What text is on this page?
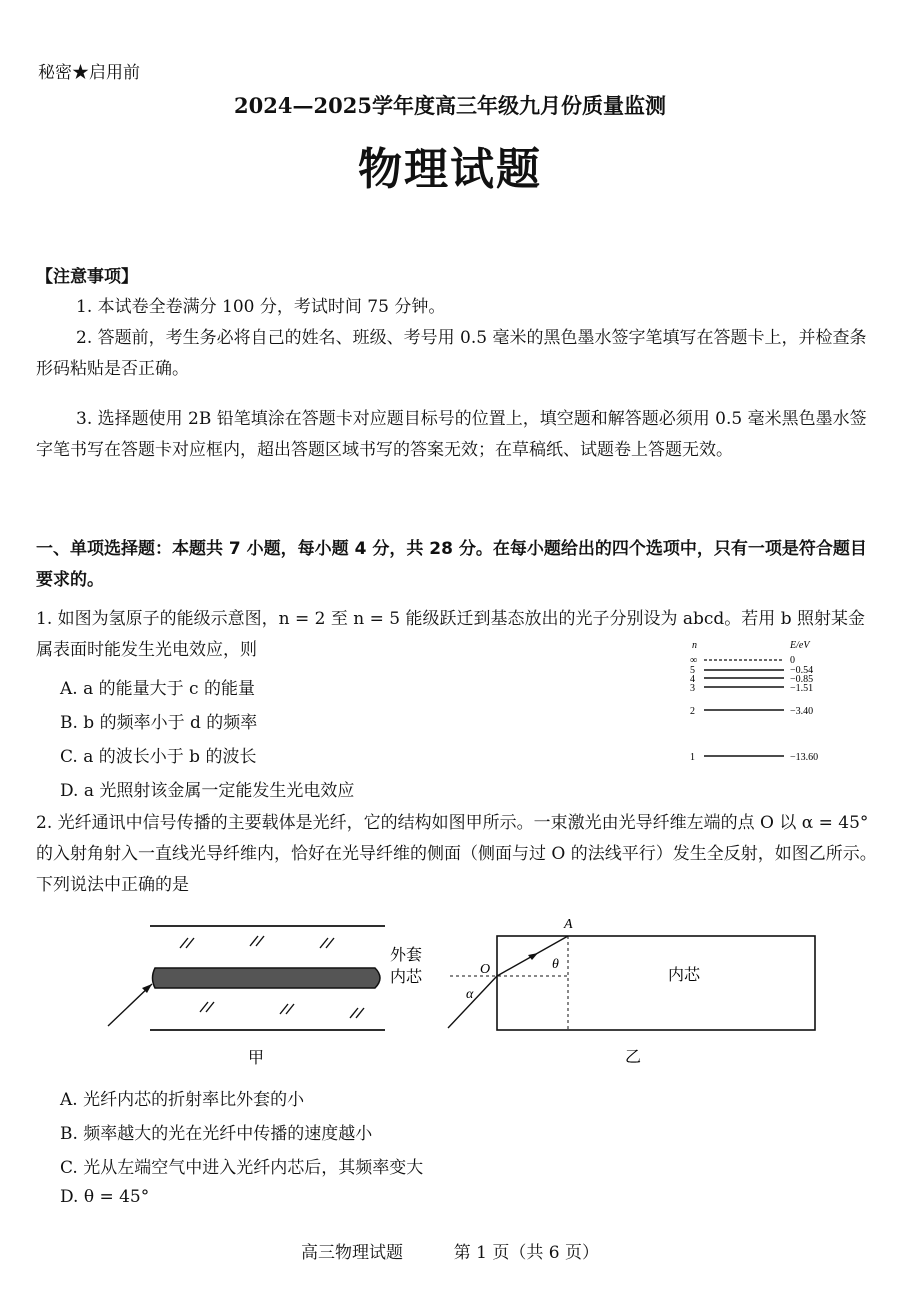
秘密★启用前
2024—2025学年度高三年级九月份质量监测
物理试题
【注意事项】
1. 本试卷全卷满分 100 分，考试时间 75 分钟。
2. 答题前，考生务必将自己的姓名、班级、考号用 0.5 毫米的黑色墨水签字笔填写在答题卡上，并检查条形码粘贴是否正确。
3. 选择题使用 2B 铅笔填涂在答题卡对应题目标号的位置上，填空题和解答题必须用 0.5 毫米黑色墨水签字笔书写在答题卡对应框内，超出答题区域书写的答案无效；在草稿纸、试题卷上答题无效。
一、单项选择题：本题共 7 小题，每小题 4 分，共 28 分。在每小题给出的四个选项中，只有一项是符合题目要求的。
1. 如图为氢原子的能级示意图，n = 2 至 n = 5 能级跃迁到基态放出的光子分别设为 abcd。若用 b 照射某金属表面时能发生光电效应，则
A. a 的能量大于 c 的能量
B. b 的频率小于 d 的频率
C. a 的波长小于 b 的波长
D. a 光照射该金属一定能发生光电效应
n	E/eV
∞
5
4
3
2
1
0
−0.54
−0.85
−1.51
−3.40
−13.60
2. 光纤通讯中信号传播的主要载体是光纤，它的结构如图甲所示。一束激光由光导纤维左端的点 O 以 α = 45° 的入射角射入一直线光导纤维内，恰好在光导纤维的侧面（侧面与过 O 的法线平行）发生全反射，如图乙所示。下列说法中正确的是
外套
内芯
甲
A
O	θ
α
内芯
乙
A. 光纤内芯的折射率比外套的小
B. 频率越大的光在光纤中传播的速度越小
C. 光从左端空气中进入光纤内芯后，其频率变大
D. θ = 45°
高三物理试题	第 1 页（共 6 页）
